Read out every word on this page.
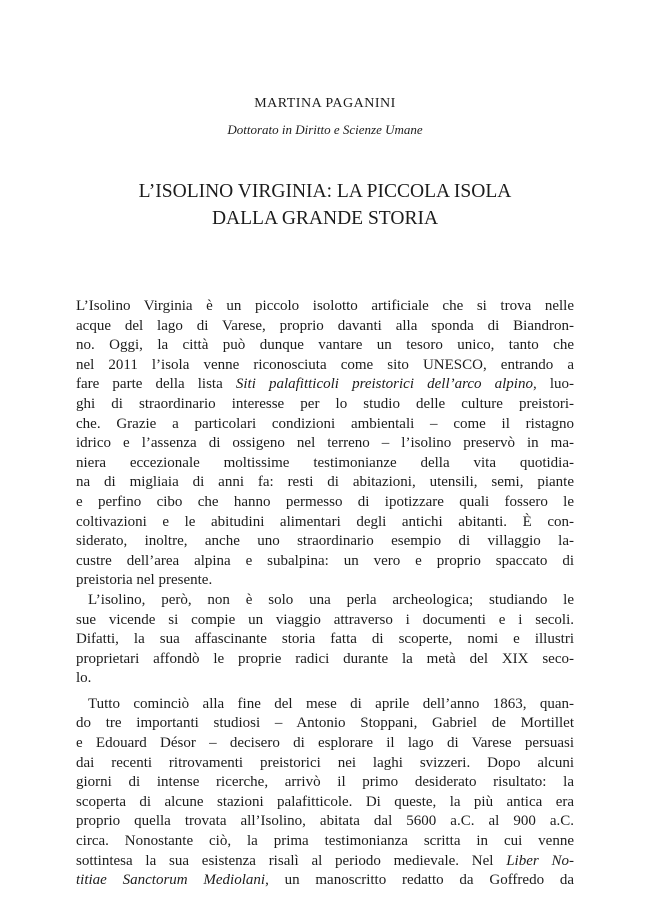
MARTINA PAGANINI
Dottorato in Diritto e Scienze Umane
L’ISOLINO VIRGINIA: LA PICCOLA ISOLA
DALLA GRANDE STORIA
L’Isolino Virginia è un piccolo isolotto artificiale che si trova nelle
acque del lago di Varese, proprio davanti alla sponda di Biandron-
no. Oggi, la città può dunque vantare un tesoro unico, tanto che
nel 2011 l’isola venne riconosciuta come sito UNESCO, entrando a
fare parte della lista Siti palafitticoli preistorici dell’arco alpino, luo-
ghi di straordinario interesse per lo studio delle culture preistori-
che. Grazie a particolari condizioni ambientali – come il ristagno
idrico e l’assenza di ossigeno nel terreno – l’isolino preservò in ma-
niera eccezionale moltissime testimonianze della vita quotidia-
na di migliaia di anni fa: resti di abitazioni, utensili, semi, piante
e perfino cibo che hanno permesso di ipotizzare quali fossero le
coltivazioni e le abitudini alimentari degli antichi abitanti. È con-
siderato, inoltre, anche uno straordinario esempio di villaggio la-
custre dell’area alpina e subalpina: un vero e proprio spaccato di
preistoria nel presente.
L’isolino, però, non è solo una perla archeologica; studiando le
sue vicende si compie un viaggio attraverso i documenti e i secoli.
Difatti, la sua affascinante storia fatta di scoperte, nomi e illustri
proprietari affondò le proprie radici durante la metà del XIX seco-
lo.
Tutto cominciò alla fine del mese di aprile dell’anno 1863, quan-
do tre importanti studiosi – Antonio Stoppani, Gabriel de Mortillet
e Edouard Désor – decisero di esplorare il lago di Varese persuasi
dai recenti ritrovamenti preistorici nei laghi svizzeri. Dopo alcuni
giorni di intense ricerche, arrivò il primo desiderato risultato: la
scoperta di alcune stazioni palafitticole. Di queste, la più antica era
proprio quella trovata all’Isolino, abitata dal 5600 a.C. al 900 a.C.
circa. Nonostante ciò, la prima testimonianza scritta in cui venne
sottintesa la sua esistenza risalì al periodo medievale. Nel Liber No-
titiae Sanctorum Mediolani, un manoscritto redatto da Goffredo da
